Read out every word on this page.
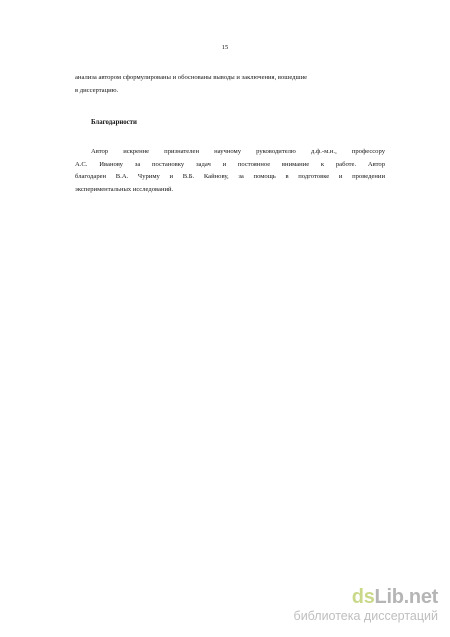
15
анализа автором сформулированы и обоснованы выводы и заключения, вошедшие
в диссертацию.
Благодарности
Автор искренне признателен научному руководителю д.ф.-м.н., профессору
А.С. Иванову за постановку задач и постоянное внимание к работе. Автор
благодарен В.А. Чуриму и В.Б. Кайнову, за помощь в подготовке и проведении
экспериментальных исследований.
dsLib.net
библиотека диссертаций
